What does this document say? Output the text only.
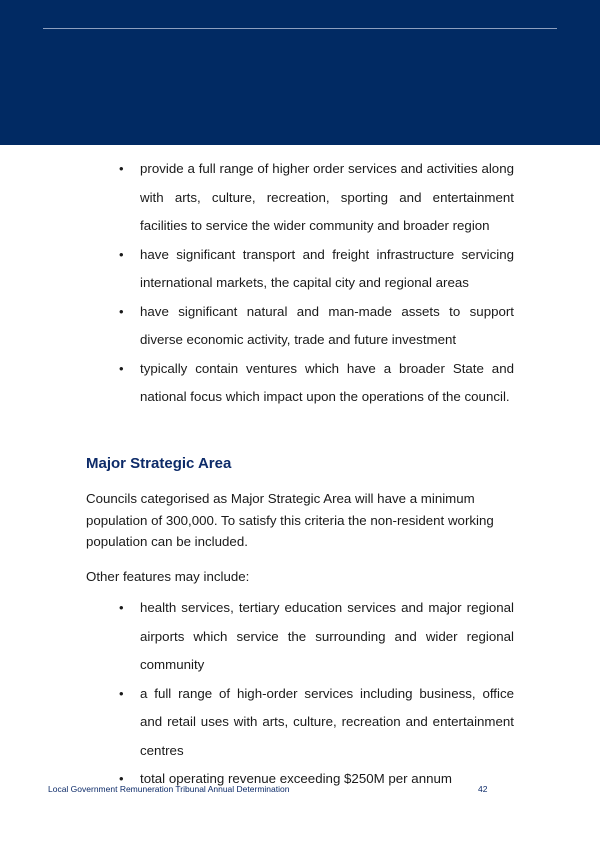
• provide a full range of higher order services and activities along with arts, culture, recreation, sporting and entertainment facilities to service the wider community and broader region
• have significant transport and freight infrastructure servicing international markets, the capital city and regional areas
• have significant natural and man-made assets to support diverse economic activity, trade and future investment
• typically contain ventures which have a broader State and national focus which impact upon the operations of the council.
Major Strategic Area

Councils categorised as Major Strategic Area will have a minimum population of 300,000. To satisfy this criteria the non-resident working population can be included.

Other features may include:

• health services, tertiary education services and major regional airports which service the surrounding and wider regional community
• a full range of high-order services including business, office and retail uses with arts, culture, recreation and entertainment centres
• total operating revenue exceeding $250M per annum
Local Government Remuneration Tribunal Annual Determination	42
